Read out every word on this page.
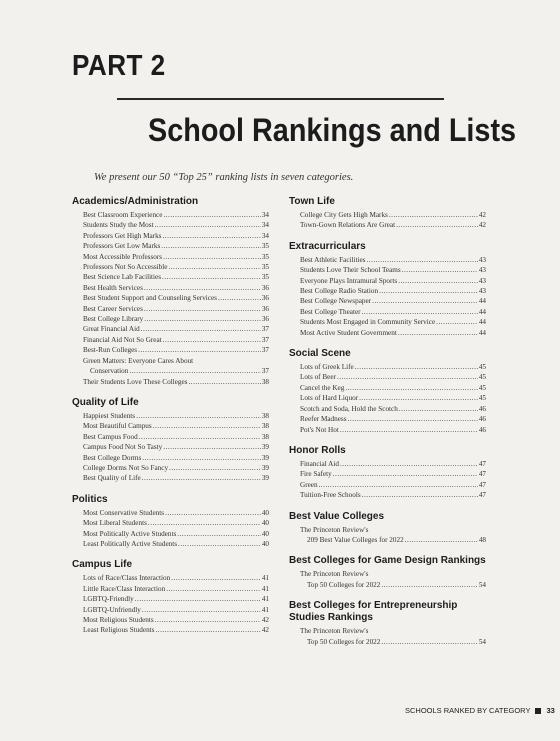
PART 2
School Rankings and Lists
We present our 50 “Top 25” ranking lists in seven categories.
Academics/Administration
Best Classroom Experience .....	34
Students Study the Most .....	34
Professors Get High Marks .....	34
Professors Get Low Marks .....	35
Most Accessible Professors .....	35
Professors Not So Accessible .....	35
Best Science Lab Facilities .....	35
Best Health Services .....	36
Best Student Support and Counseling Services .....	36
Best Career Services .....	36
Best College Library .....	36
Great Financial Aid .....	37
Financial Aid Not So Great .....	37
Best-Run Colleges .....	37
Green Matters: Everyone Cares About
Conservation .....	37
Their Students Love These Colleges .....	38
Quality of Life
Happiest Students .....	38
Most Beautiful Campus .....	38
Best Campus Food .....	38
Campus Food Not So Tasty .....	39
Best College Dorms .....	39
College Dorms Not So Fancy .....	39
Best Quality of Life .....	39
Politics
Most Conservative Students .....	40
Most Liberal Students .....	40
Most Politically Active Students .....	40
Least Politically Active Students .....	40
Campus Life
Lots of Race/Class Interaction .....	41
Little Race/Class Interaction .....	41
LGBTQ-Friendly .....	41
LGBTQ-Unfriendly .....	41
Most Religious Students .....	42
Least Religious Students .....	42
Town Life
College City Gets High Marks .....	42
Town-Gown Relations Are Great .....	42
Extracurriculars
Best Athletic Facilities .....	43
Students Love Their School Teams .....	43
Everyone Plays Intramural Sports .....	43
Best College Radio Station .....	43
Best College Newspaper .....	44
Best College Theater .....	44
Students Most Engaged in Community Service .....	44
Most Active Student Government .....	44
Social Scene
Lots of Greek Life .....	45
Lots of Beer .....	45
Cancel the Keg .....	45
Lots of Hard Liquor .....	45
Scotch and Soda, Hold the Scotch .....	46
Reefer Madness .....	46
Pot's Not Hot .....	46
Honor Rolls
Financial Aid .....	47
Fire Safety .....	47
Green .....	47
Tuition-Free Schools .....	47
Best Value Colleges
The Princeton Review's
209 Best Value Colleges for 2022 .....	48
Best Colleges for Game Design Rankings
The Princeton Review's
Top 50 Colleges for 2022 .....	54
Best Colleges for Entrepreneurship Studies Rankings
The Princeton Review's
Top 50 Colleges for 2022 .....	54
SCHOOLS RANKED BY CATEGORY 33
